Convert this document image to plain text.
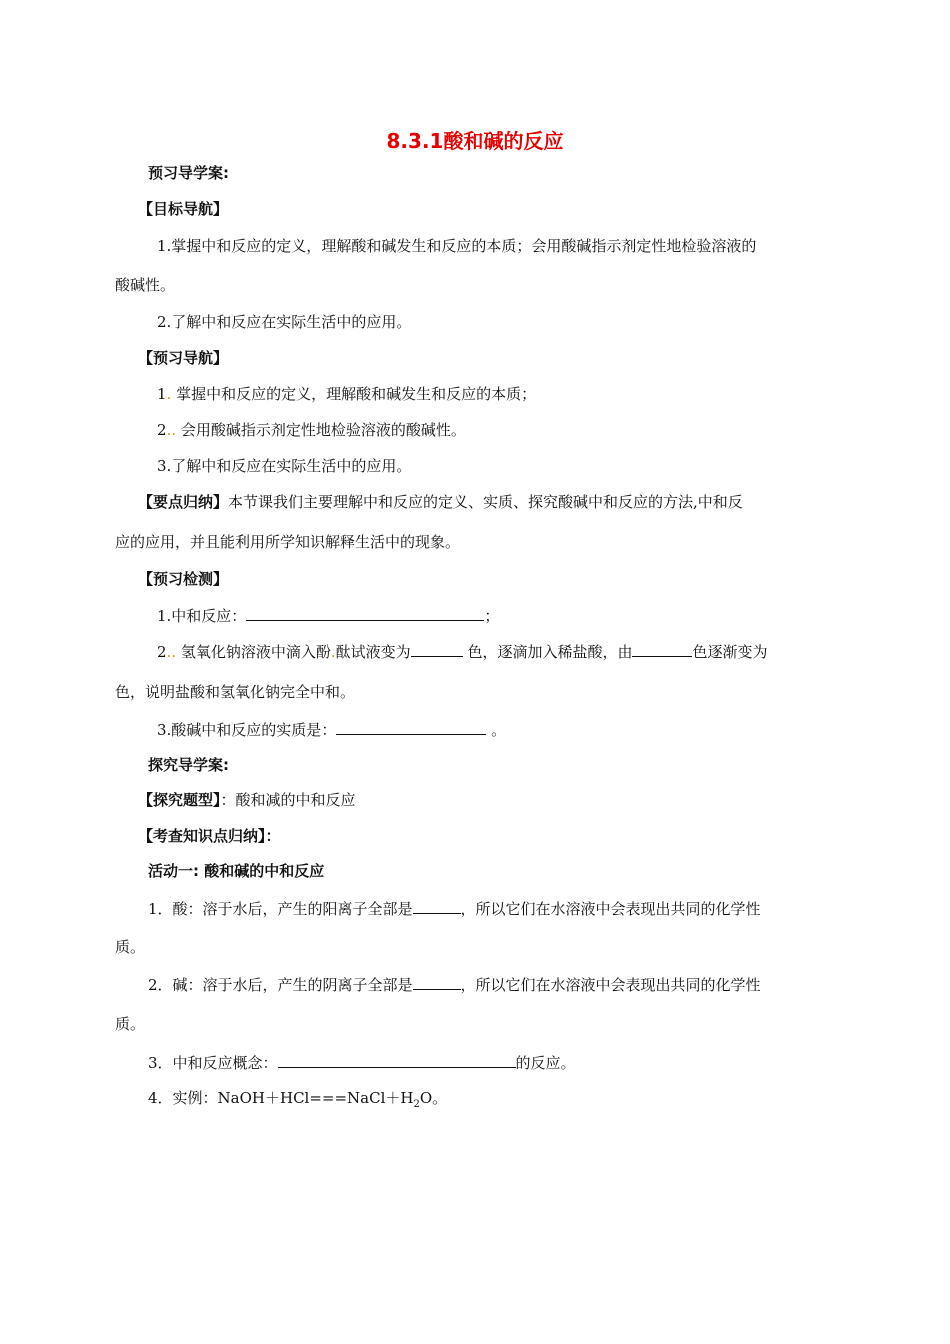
8.3.1酸和碱的反应
预习导学案:
【目标导航】
1.掌握中和反应的定义，理解酸和碱发生和反应的本质；会用酸碱指示剂定性地检验溶液的
酸碱性。
2.了解中和反应在实际生活中的应用。
【预习导航】
1. 掌握中和反应的定义，理解酸和碱发生和反应的本质；
2.. 会用酸碱指示剂定性地检验溶液的酸碱性。
3.了解中和反应在实际生活中的应用。
【要点归纳】本节课我们主要理解中和反应的定义、实质、探究酸碱中和反应的方法,中和反
应的应用，并且能利用所学知识解释生活中的现象。
【预习检测】
1.中和反应：	；
2.. 氢氧化钠溶液中滴入酚.酞试液变为	色，逐滴加入稀盐酸，由	色逐渐变为
色，说明盐酸和氢氧化钠完全中和。
3.酸碱中和反应的实质是：	。
探究导学案:
【探究题型】：酸和减的中和反应
【考查知识点归纳】：
活动一: 酸和碱的中和反应
1．酸：溶于水后，产生的阳离子全部是	，所以它们在水溶液中会表现出共同的化学性
质。
2．碱：溶于水后，产生的阴离子全部是	，所以它们在水溶液中会表现出共同的化学性
质。
3．中和反应概念：	的反应。
4．实例：$NaOH+HCl===NaCl+H_2O$。
